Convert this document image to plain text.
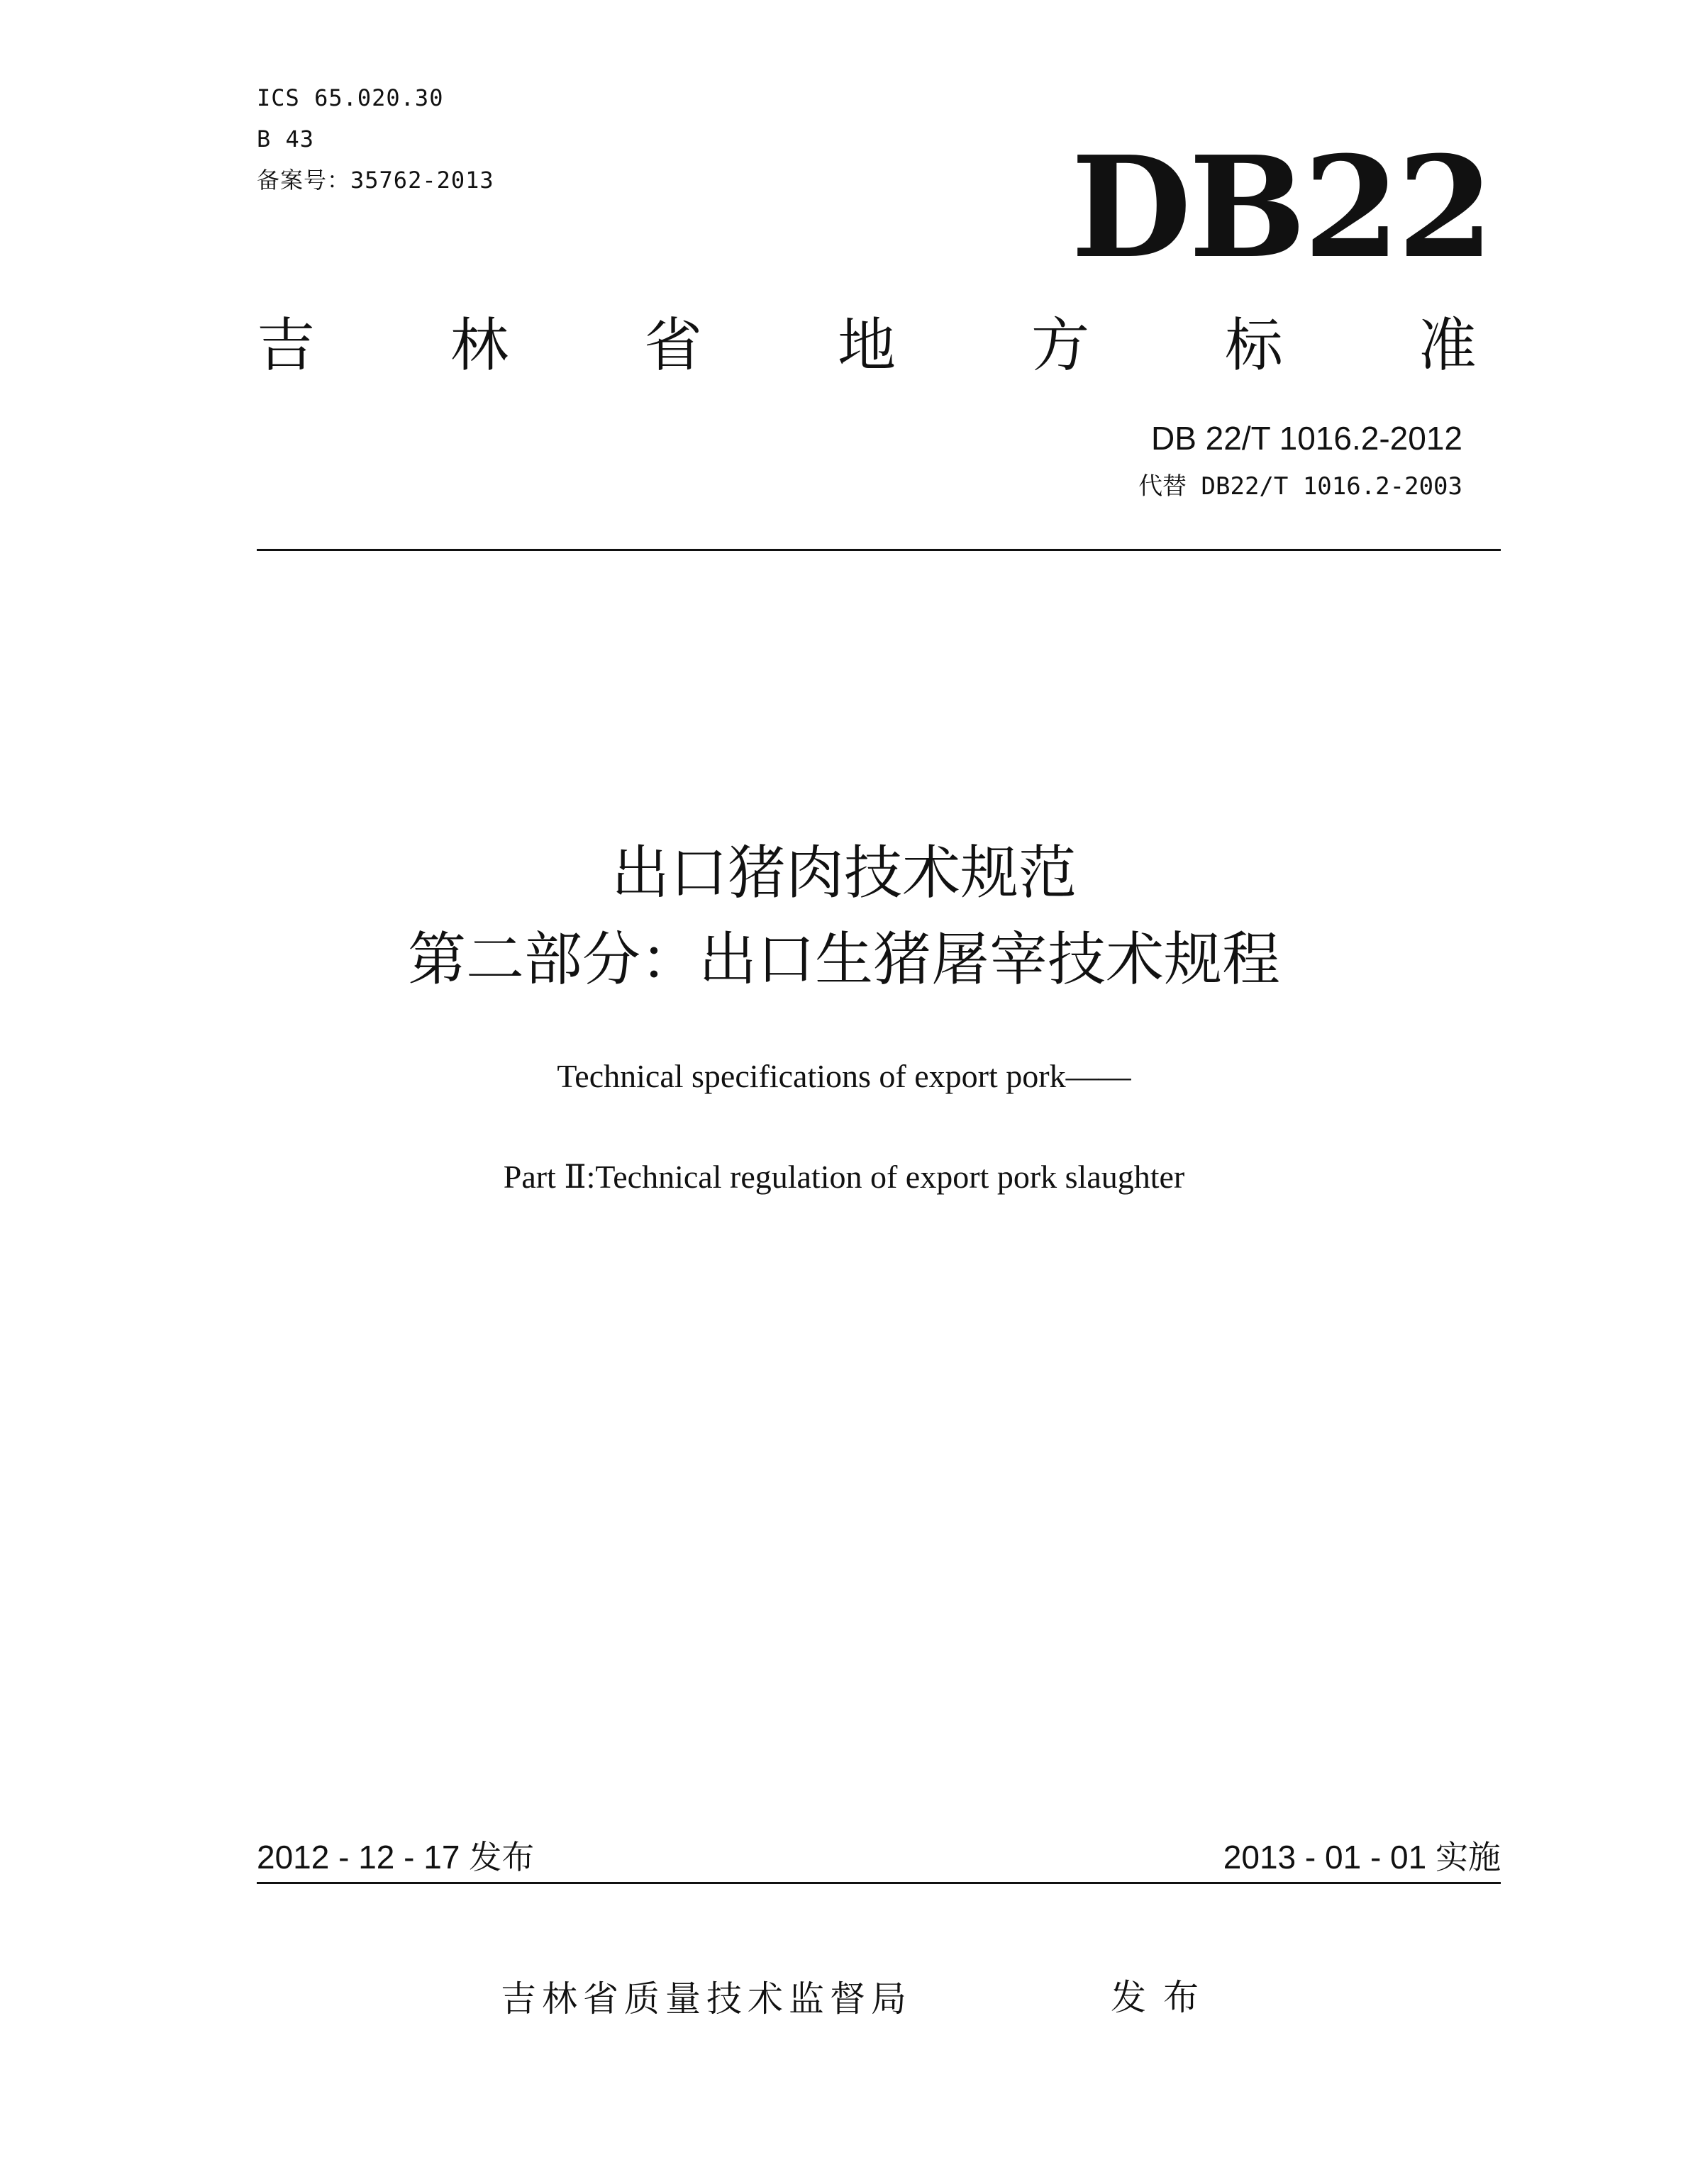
ICS 65.020.30
B 43
备案号：35762-2013	DB22
吉 林 省 地 方 标 准
DB 22/T 1016.2-2012
代替 DB22/T 1016.2-2003
出口猪肉技术规范
第二部分：出口生猪屠宰技术规程
Technical specifications of export pork——
Part Ⅱ:Technical regulation of export pork slaughter
2012 - 12 - 17 发布	2013 - 01 - 01 实施
吉林省质量技术监督局	发布
